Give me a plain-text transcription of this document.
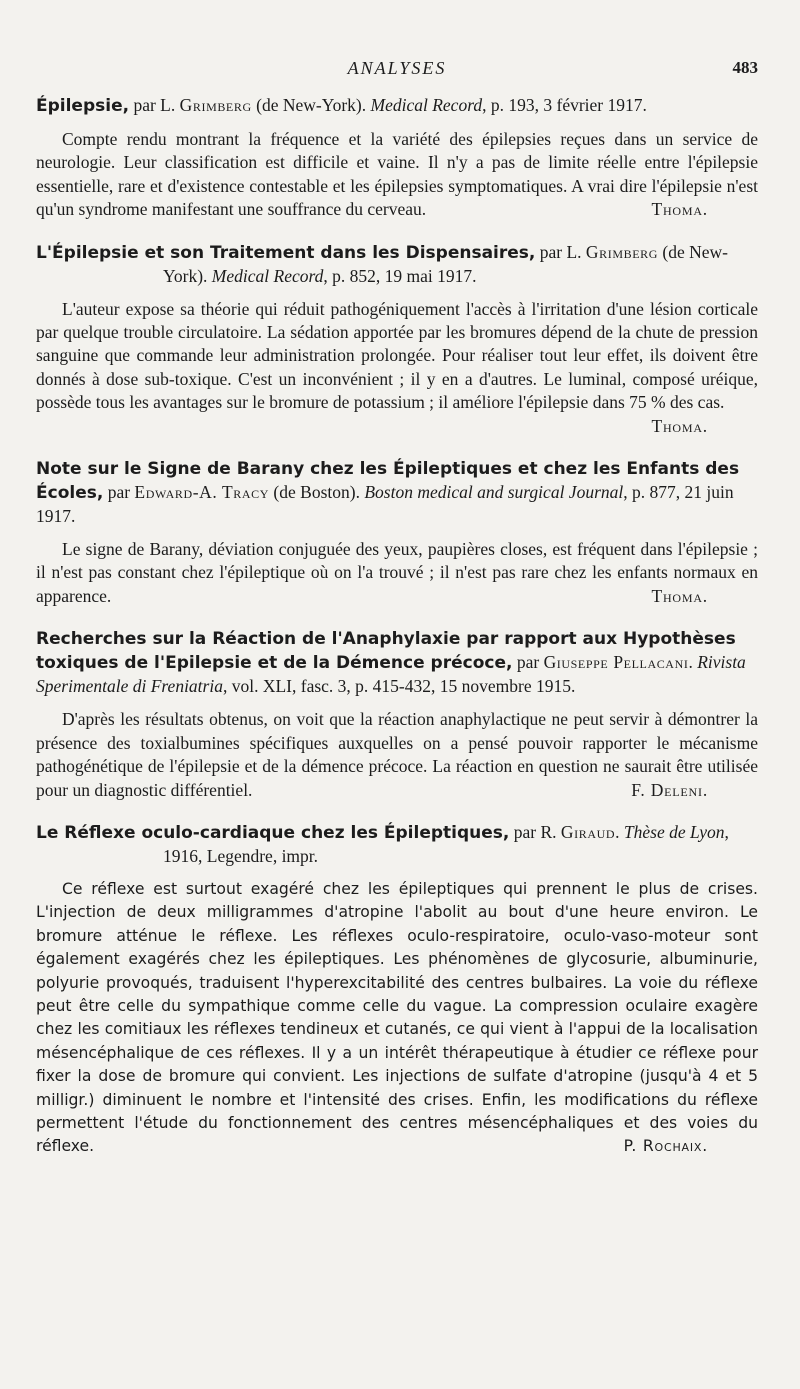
ANALYSES	483

Épilepsie, par L. Grimberg (de New-York). Medical Record, p. 193, 3 février 1917.

Compte rendu montrant la fréquence et la variété des épilepsies reçues dans un service de neurologie. Leur classification est difficile et vaine. Il n'y a pas de limite réelle entre l'épilepsie essentielle, rare et d'existence contestable et les épilepsies symptomatiques. A vrai dire l'épilepsie n'est qu'un syndrome manifestant une souffrance du cerveau.	Thoma.

L'Épilepsie et son Traitement dans les Dispensaires, par L. Grimberg (de New-York). Medical Record, p. 852, 19 mai 1917.

L'auteur expose sa théorie qui réduit pathogéniquement l'accès à l'irritation d'une lésion corticale par quelque trouble circulatoire. La sédation apportée par les bromures dépend de la chute de pression sanguine que commande leur administration prolongée. Pour réaliser tout leur effet, ils doivent être donnés à dose sub-toxique. C'est un inconvénient ; il y en a d'autres. Le luminal, composé uréique, possède tous les avantages sur le bromure de potassium ; il améliore l'épilepsie dans 75 % des cas.
Thoma.

Note sur le Signe de Barany chez les Épileptiques et chez les Enfants des Écoles, par Edward-A. Tracy (de Boston). Boston medical and surgical Journal, p. 877, 21 juin 1917.

Le signe de Barany, déviation conjuguée des yeux, paupières closes, est fréquent dans l'épilepsie ; il n'est pas constant chez l'épileptique où on l'a trouvé ; il n'est pas rare chez les enfants normaux en apparence.	Thoma.

Recherches sur la Réaction de l'Anaphylaxie par rapport aux Hypothèses toxiques de l'Epilepsie et de la Démence précoce, par Giuseppe Pellacani. Rivista Sperimentale di Freniatria, vol. XLI, fasc. 3, p. 415-432, 15 novembre 1915.

D'après les résultats obtenus, on voit que la réaction anaphylactique ne peut servir à démontrer la présence des toxialbumines spécifiques auxquelles on a pensé pouvoir rapporter le mécanisme pathogénétique de l'épilepsie et de la démence précoce. La réaction en question ne saurait être utilisée pour un diagnostic différentiel.	F. Deleni.

Le Réflexe oculo-cardiaque chez les Épileptiques, par R. Giraud. Thèse de Lyon, 1916, Legendre, impr.

Ce réflexe est surtout exagéré chez les épileptiques qui prennent le plus de crises. L'injection de deux milligrammes d'atropine l'abolit au bout d'une heure environ. Le bromure atténue le réflexe. Les réflexes oculo-respiratoire, oculo-vaso-moteur sont également exagérés chez les épileptiques. Les phénomènes de glycosurie, albuminurie, polyurie provoqués, traduisent l'hyperexcitabilité des centres bulbaires. La voie du réflexe peut être celle du sympathique comme celle du vague. La compression oculaire exagère chez les comitiaux les réflexes tendineux et cutanés, ce qui vient à l'appui de la localisation mésencéphalique de ces réflexes. Il y a un intérêt thérapeutique à étudier ce réflexe pour fixer la dose de bromure qui convient. Les injections de sulfate d'atropine (jusqu'à 4 et 5 milligr.) diminuent le nombre et l'intensité des crises. Enfin, les modifications du réflexe permettent l'étude du fonctionnement des centres mésencéphaliques et des voies du réflexe.	P. Rochaix.
